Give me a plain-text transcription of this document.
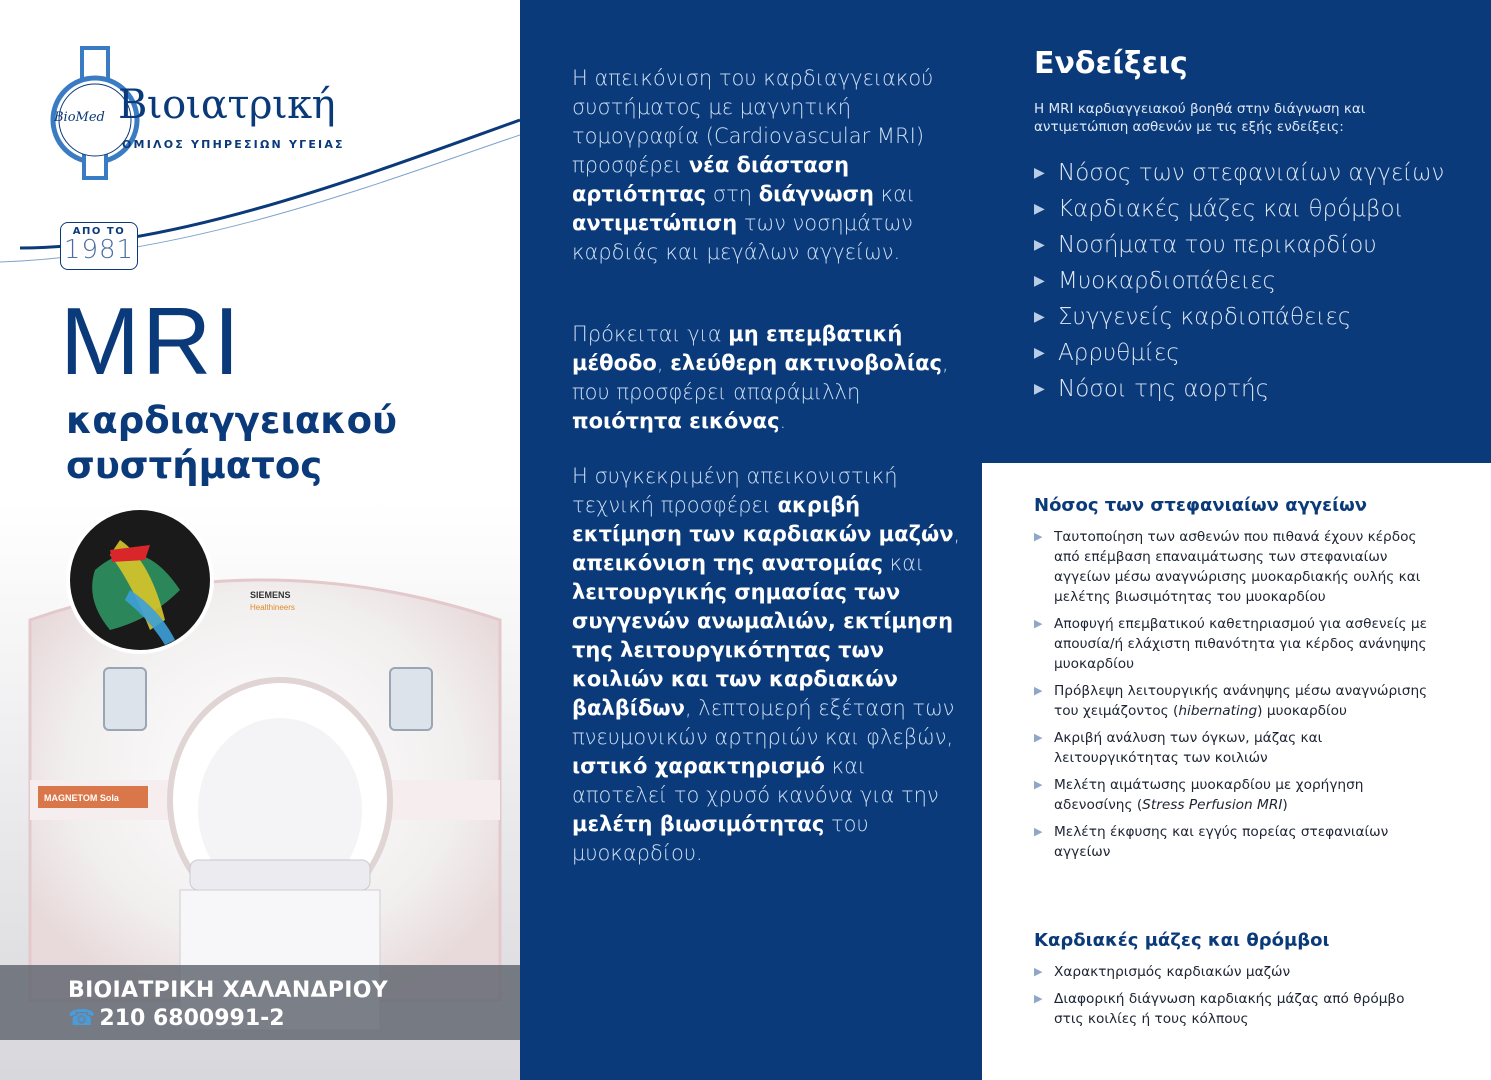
BioMed Βιοιατρική
ΟΜΙΛΟΣ ΥΠΗΡΕΣΙΩΝ ΥΓΕΙΑΣ
ΑΠΟ ΤΟ
1981
MRI
καρδιαγγειακού
συστήματος
MAGNETOM Sola
SIEMENS
Healthineers
ΒΙΟΙΑΤΡΙΚΗ ΧΑΛΑΝΔΡΙΟΥ
☎ 210 6800991-2

Η απεικόνιση του καρδιαγγειακού συστήματος με μαγνητική τομογραφία (Cardiovascular MRI) προσφέρει νέα διάσταση αρτιότητας στη διάγνωση και αντιμετώπιση των νοσημάτων καρδιάς και μεγάλων αγγείων.

Πρόκειται για μη επεμβατική μέθοδο, ελεύθερη ακτινοβολίας, που προσφέρει απαράμιλλη ποιότητα εικόνας.

Η συγκεκριμένη απεικονιστική τεχνική προσφέρει ακριβή εκτίμηση των καρδιακών μαζών, απεικόνιση της ανατομίας και λειτουργικής σημασίας των συγγενών ανωμαλιών, εκτίμηση της λειτουργικότητας των κοιλιών και των καρδιακών βαλβίδων, λεπτομερή εξέταση των πνευμονικών αρτηριών και φλεβών, ιστικό χαρακτηρισμό και αποτελεί το χρυσό κανόνα για την μελέτη βιωσιμότητας του μυοκαρδίου.

Ενδείξεις
Η MRI καρδιαγγειακού βοηθά στην διάγνωση και αντιμετώπιση ασθενών με τις εξής ενδείξεις:
▶ Νόσος των στεφανιαίων αγγείων
▶ Καρδιακές μάζες και θρόμβοι
▶ Νοσήματα του περικαρδίου
▶ Μυοκαρδιοπάθειες
▶ Συγγενείς καρδιοπάθειες
▶ Αρρυθμίες
▶ Νόσοι της αορτής
Νόσος των στεφανιαίων αγγείων
▶ Ταυτοποίηση των ασθενών που πιθανά έχουν κέρδος από επέμβαση επαναιμάτωσης των στεφανιαίων αγγείων μέσω αναγνώρισης μυοκαρδιακής ουλής και μελέτης βιωσιμότητας του μυοκαρδίου
▶ Αποφυγή επεμβατικού καθετηριασμού για ασθενείς με απουσία/ή ελάχιστη πιθανότητα για κέρδος ανάνηψης μυοκαρδίου
▶ Πρόβλεψη λειτουργικής ανάνηψης μέσω αναγνώρισης του χειμάζοντος (hibernating) μυοκαρδίου
▶ Ακριβή ανάλυση των όγκων, μάζας και λειτουργικότητας των κοιλιών
▶ Μελέτη αιμάτωσης μυοκαρδίου με χορήγηση αδενοσίνης (Stress Perfusion MRI)
▶ Μελέτη έκφυσης και εγγύς πορείας στεφανιαίων αγγείων
Καρδιακές μάζες και θρόμβοι
▶ Χαρακτηρισμός καρδιακών μαζών
▶ Διαφορική διάγνωση καρδιακής μάζας από θρόμβο στις κοιλίες ή τους κόλπους
